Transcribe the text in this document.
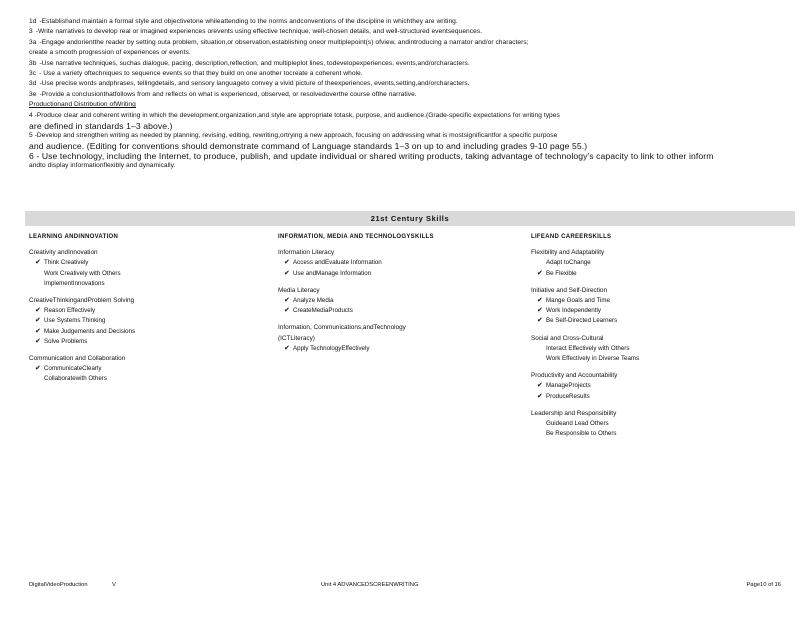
1d -Establishand maintain a formal style and objectivetone whileattending to the norms andconventions of the discipline in whichthey are writing.
3 -Write narratives to develop real or imagined experiences orevents using effective technique, well-chosen details, and well-structured eventsequences.
3a -Engage andorientthe reader by setting outa problem, situation,or observation,establishing oneor multiplepoint(s) ofview, andintroducing a narrator and/or characters;
create a smooth progression of experiences or events.
3b -Use narrative techniques, suchas dialogue, pacing, description,reflection, and multipleplot lines, todevelopexperiences, events,and/orcharacters.
3c - Use a variety oftechniques to sequence events so that they build on one another tocreate a coherent whole.
3d -Use precise words andphrases, tellingdetails, and sensory languageto convey a vivid picture of theexperiences, events,setting,and/orcharacters.
3e -Provide a conclusionthatfollows from and reflects on what is experienced, observed, or resolvedoverthe course ofthe narrative.
Productionand Distribution ofWriting
4 -Produce clear and coherent writing in which the development,organization,and style are appropriate totask, purpose, and audience.(Grade-specific expectations for writing types
are defined in standards 1–3 above.)
5 -Develop and strengthen writing as needed by planning, revising, editing, rewriting,ortrying a new approach, focusing on addressing what is mostsignificantfor a specific purpose
and audience. (Editing for conventions should demonstrate command of Language standards 1–3 on up to and including grades 9-10 page 55.)
6 - Use technology, including the Internet, to produce, publish, and update individual or shared writing products, taking advantage of technology's capacity to link to other inform
andto display informationflexibly and dynamically.
21st Century Skills
LEARNING ANDINNOVATION
Creativity andInnovation
✔ Think Creatively
Work Creatively with Others
ImplementInnovations
CreativeThinkingandProblem Solving
✔ Reason Effectively
✔ Use Systems Thinking
✔ Make Judgements and Decisions
✔ Solve Problems
Communication and Collaboration
✔ CommunicateClearly
Collaboratewith Others
INFORMATION, MEDIA AND TECHNOLOGYSKILLS
Information Literacy
✔ Access andEvaluate Information
✔ Use andManage Information
Media Literacy
✔ Analyze Media
✔ CreateMediaProducts
Information, Communications,andTechnology
(ICTLiteracy)
✔ Apply TechnologyEffectively
LIFEAND CAREERSKILLS
Flexibility and Adaptability
Adapt toChange
✔ Be Flexible
Initiative and Self-Direction
✔ Mange Goals and Time
✔ Work Independently
✔ Be Self-Directed Learners
Social and Cross-Cultural
Interact Effectively with Others
Work Effectively in Diverse Teams
Productivity and Accountability
✔ ManageProjects
✔ ProduceResults
Leadership and Responsibility
Guideand Lead Others
Be Responsible to Others
DigitalVideoProduction	V	Unit 4 ADVANCEDSCREENWRITING	Page10 of 16
